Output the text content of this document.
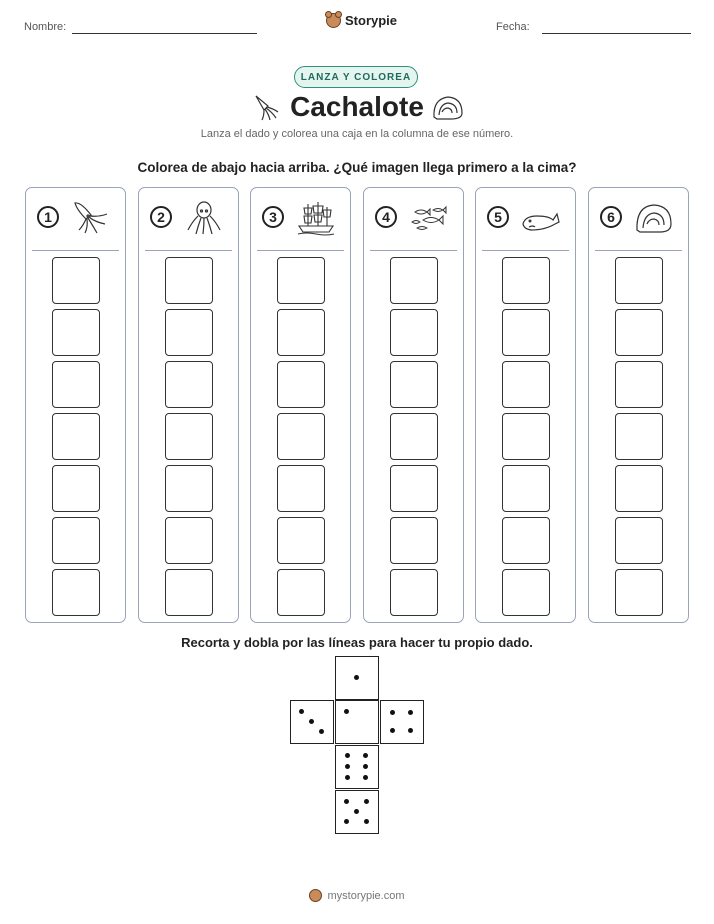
Nombre:	Storypie	Fecha:
LANZA Y COLOREA
Cachalote
Lanza el dado y colorea una caja en la columna de ese número.
Colorea de abajo hacia arriba. ¿Qué imagen llega primero a la cima?
1	2	3	4	5	6
Recorta y dobla por las líneas para hacer tu propio dado.
mystorypie.com
